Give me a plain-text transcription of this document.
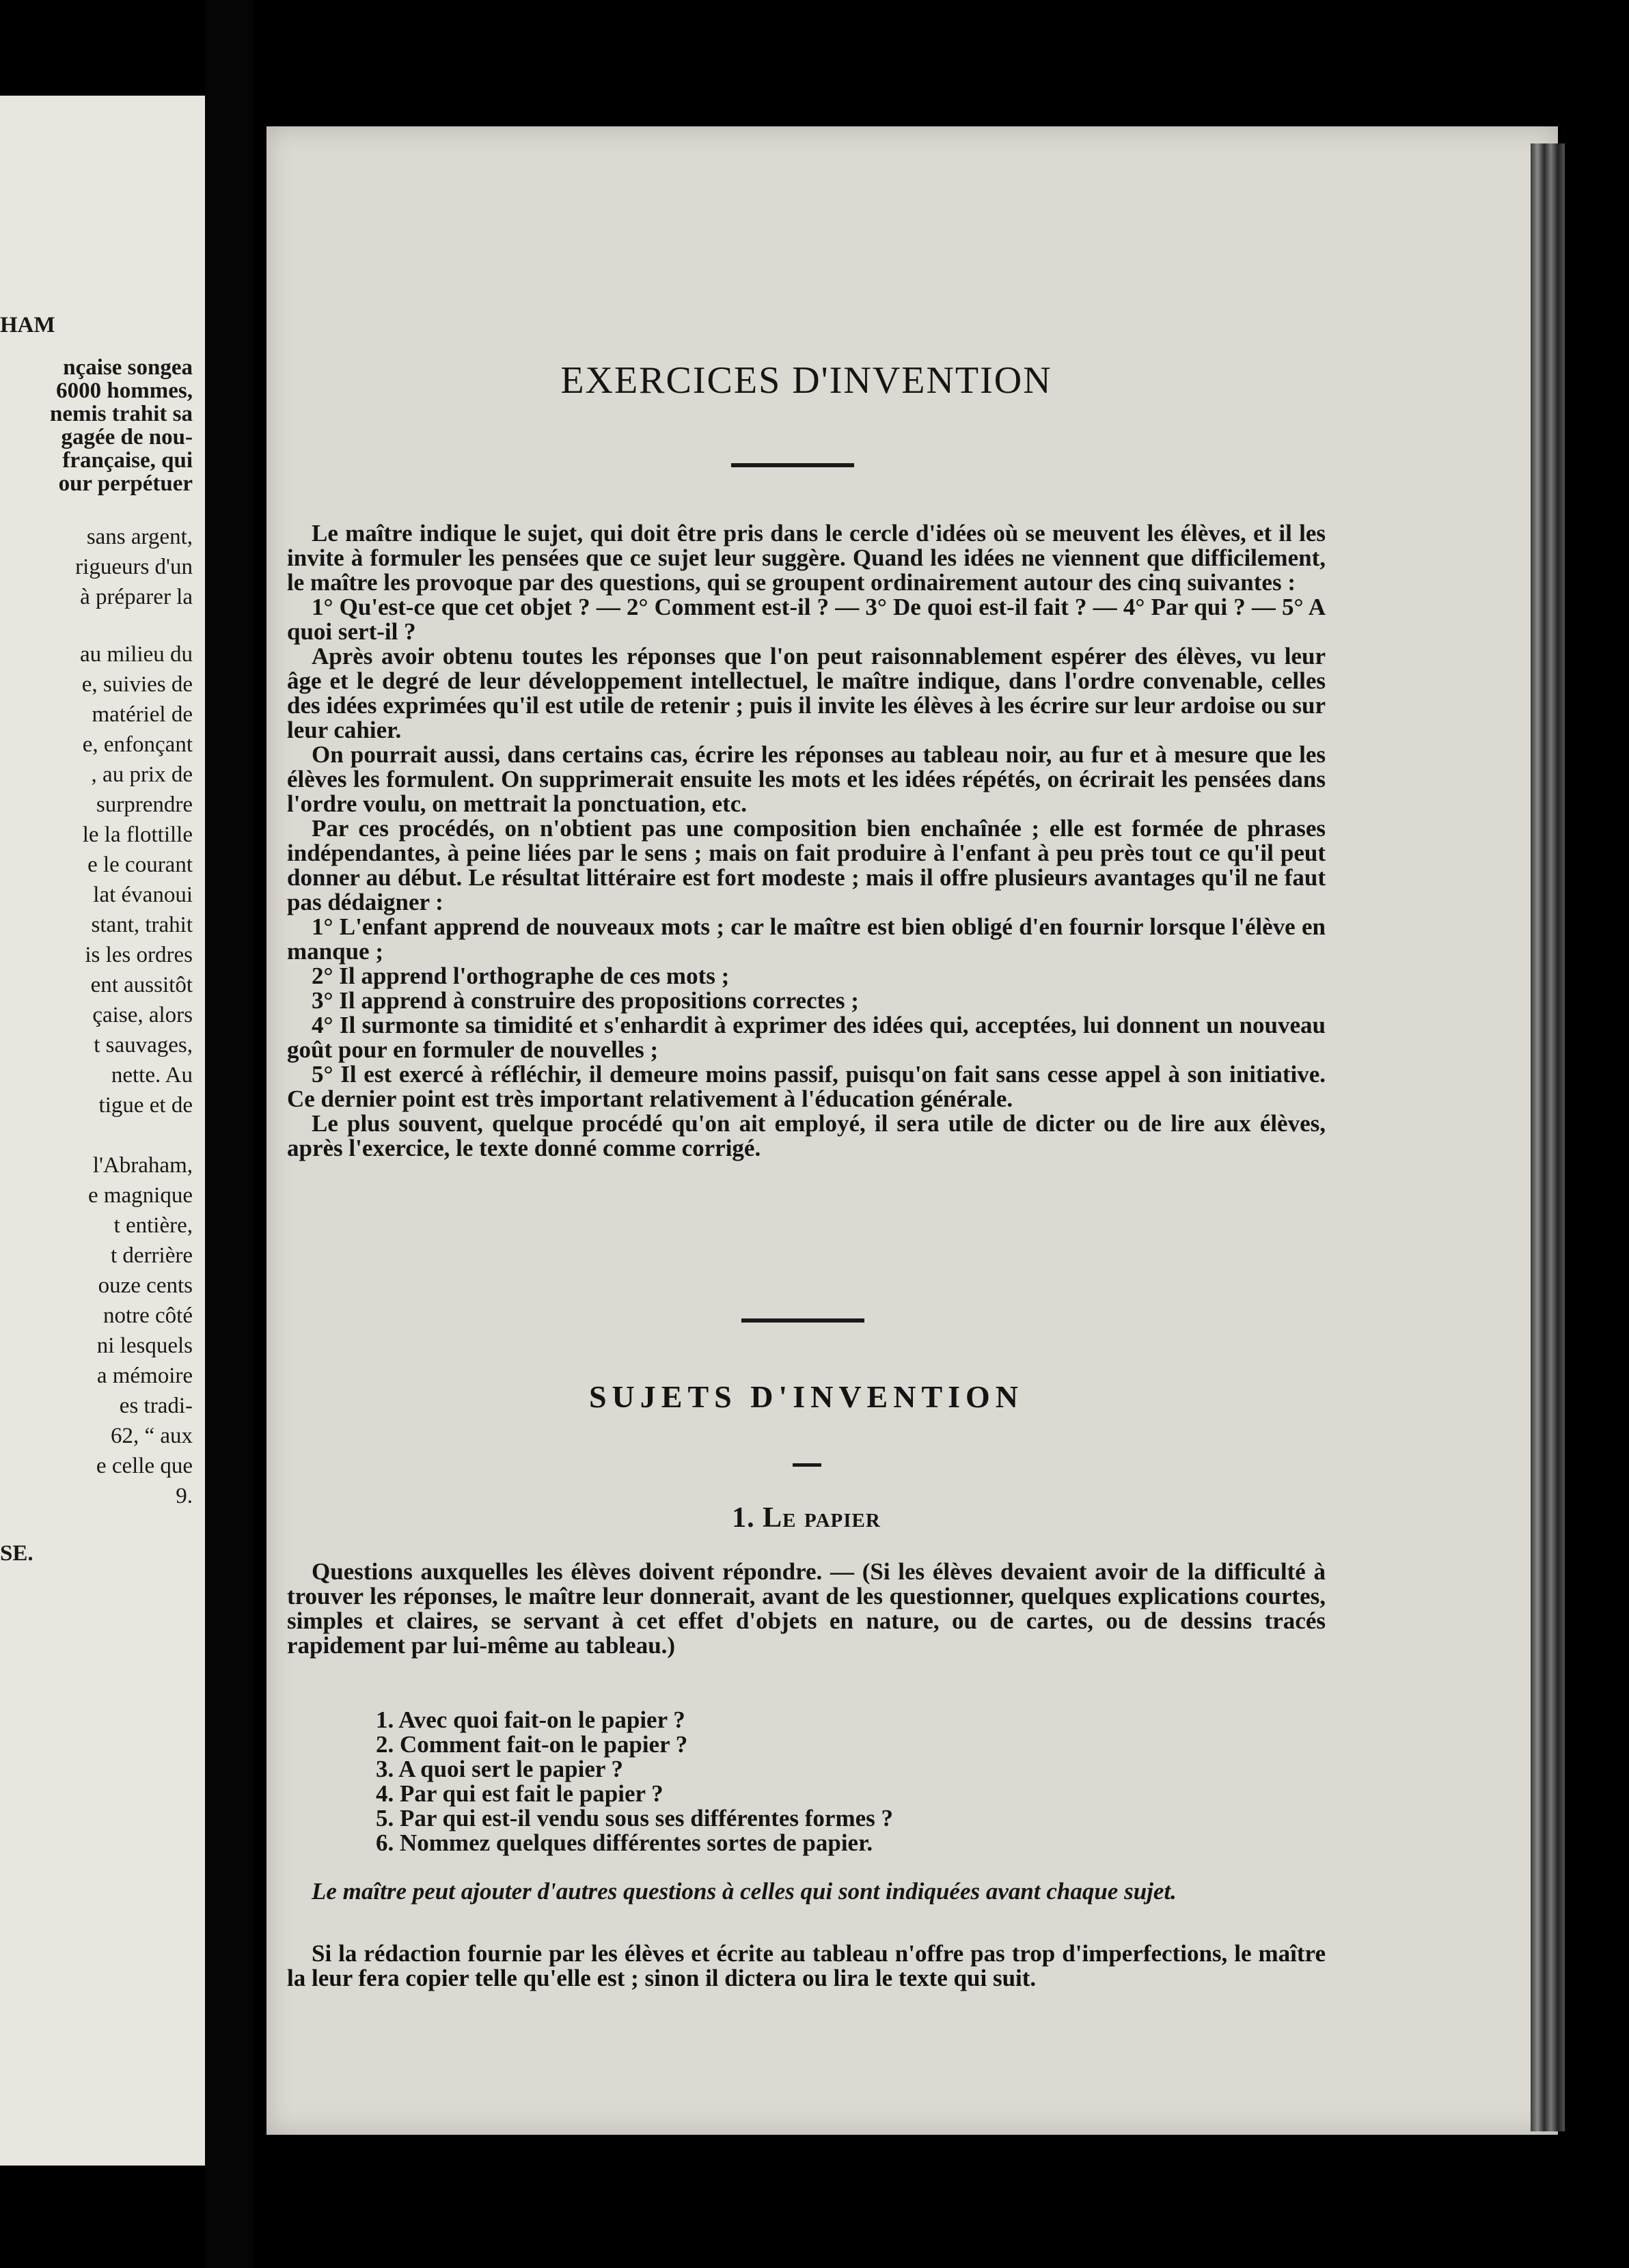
HAM
nçaise songea
6000 hommes,
nemis trahit sa
gagée de nou-
française, qui
our perpétuer
sans argent,
rigueurs d'un
à préparer la
au milieu du
e, suivies de
matériel de
e, enfonçant
, au prix de
surprendre
le la flottille
e le courant
lat évanoui
stant, trahit
is les ordres
ent aussitôt
çaise, alors
t sauvages,
nette. Au
tigue et de
l'Abraham,
e magnique
t entière,
t derrière
ouze cents
notre côté
ni lesquels
a mémoire
es tradi-
62, “ aux
e celle que
9.
SE.
EXERCICES D'INVENTION

Le maître indique le sujet, qui doit être pris dans le cercle d'idées où se meuvent les élèves, et il les invite à formuler les pensées que ce sujet leur suggère. Quand les idées ne viennent que difficilement, le maître les provoque par des questions, qui se groupent ordinairement autour des cinq suivantes :

1° Qu'est-ce que cet objet ? — 2° Comment est-il ? — 3° De quoi est-il fait ? — 4° Par qui ? — 5° A quoi sert-il ?

Après avoir obtenu toutes les réponses que l'on peut raisonnablement espérer des élèves, vu leur âge et le degré de leur développement intellectuel, le maître indique, dans l'ordre convenable, celles des idées exprimées qu'il est utile de retenir ; puis il invite les élèves à les écrire sur leur ardoise ou sur leur cahier.

On pourrait aussi, dans certains cas, écrire les réponses au tableau noir, au fur et à mesure que les élèves les formulent. On supprimerait ensuite les mots et les idées répétés, on écrirait les pensées dans l'ordre voulu, on mettrait la ponctuation, etc.

Par ces procédés, on n'obtient pas une composition bien enchaînée ; elle est formée de phrases indépendantes, à peine liées par le sens ; mais on fait produire à l'enfant à peu près tout ce qu'il peut donner au début. Le résultat littéraire est fort modeste ; mais il offre plusieurs avantages qu'il ne faut pas dédaigner :

1° L'enfant apprend de nouveaux mots ; car le maître est bien obligé d'en fournir lorsque l'élève en manque ;

2° Il apprend l'orthographe de ces mots ;

3° Il apprend à construire des propositions correctes ;

4° Il surmonte sa timidité et s'enhardit à exprimer des idées qui, acceptées, lui donnent un nouveau goût pour en formuler de nouvelles ;

5° Il est exercé à réfléchir, il demeure moins passif, puisqu'on fait sans cesse appel à son initiative. Ce dernier point est très important relativement à l'éducation générale.

Le plus souvent, quelque procédé qu'on ait employé, il sera utile de dicter ou de lire aux élèves, après l'exercice, le texte donné comme corrigé.

SUJETS D'INVENTION
1. Le papier

Questions auxquelles les élèves doivent répondre. — (Si les élèves devaient avoir de la difficulté à trouver les réponses, le maître leur donnerait, avant de les questionner, quelques explications courtes, simples et claires, se servant à cet effet d'objets en nature, ou de cartes, ou de dessins tracés rapidement par lui-même au tableau.)

1. Avec quoi fait-on le papier ?
2. Comment fait-on le papier ?
3. A quoi sert le papier ?
4. Par qui est fait le papier ?
5. Par qui est-il vendu sous ses différentes formes ?
6. Nommez quelques différentes sortes de papier.
Le maître peut ajouter d'autres questions à celles qui sont indiquées avant chaque sujet.
Si la rédaction fournie par les élèves et écrite au tableau n'offre pas trop d'imperfections, le maître la leur fera copier telle qu'elle est ; sinon il dictera ou lira le texte qui suit.
